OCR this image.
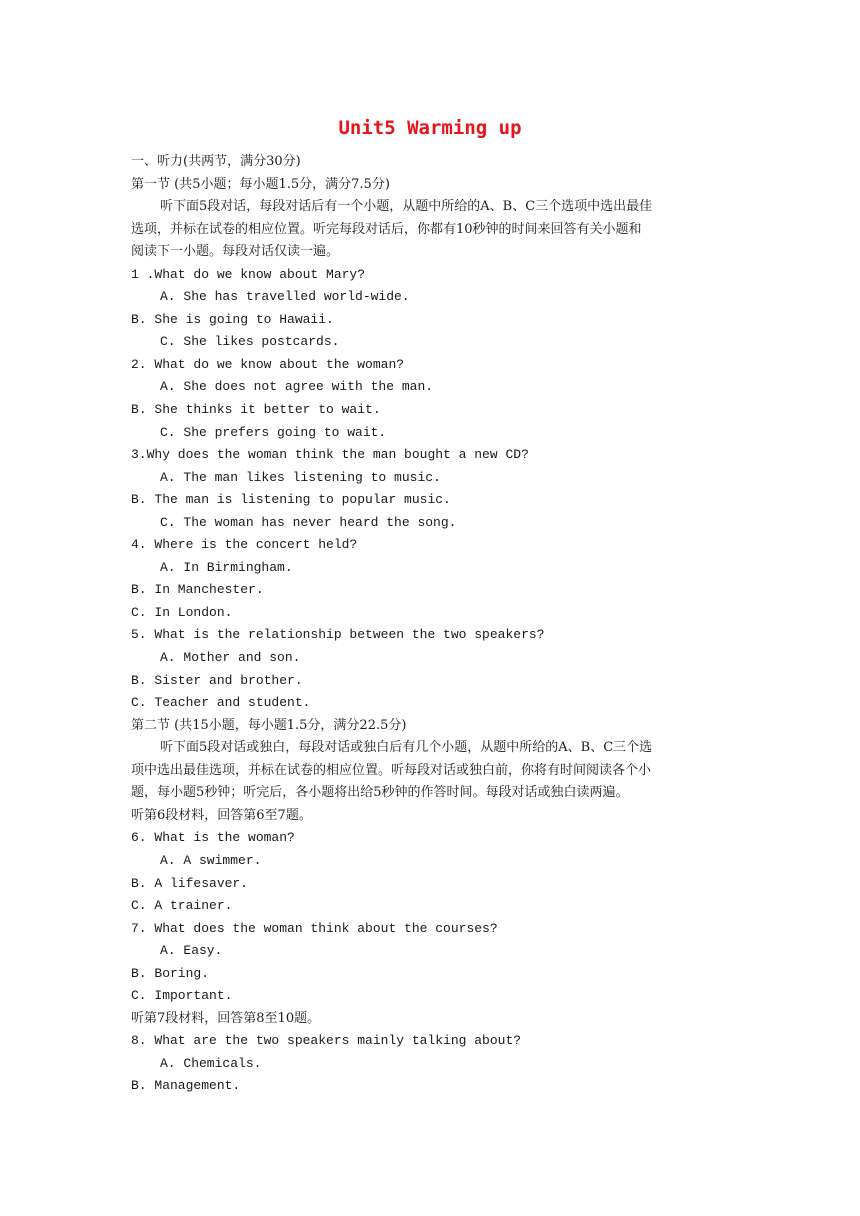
Unit5 Warming up
一、听力(共两节，满分30分)
第一节 (共5小题；每小题1.5分，满分7.5分)
听下面5段对话，每段对话后有一个小题，从题中所给的A、B、C三个选项中选出最佳
选项，并标在试卷的相应位置。听完每段对话后，你都有10秒钟的时间来回答有关小题和
阅读下一小题。每段对话仅读一遍。
1 .What do we know about Mary?
A. She has travelled world-wide.
B. She is going to Hawaii.
C. She likes postcards.
2. What do we know about the woman?
A. She does not agree with the man.
B. She thinks it better to wait.
C. She prefers going to wait.
3.Why does the woman think the man bought a new CD?
A. The man likes listening to music.
B. The man is listening to popular music.
C. The woman has never heard the song.
4. Where is the concert held?
A. In Birmingham.
B. In Manchester.
C. In London.
5. What is the relationship between the two speakers?
A. Mother and son.
B. Sister and brother.
C. Teacher and student.
第二节 (共15小题，每小题1.5分，满分22.5分)
听下面5段对话或独白，每段对话或独白后有几个小题，从题中所给的A、B、C三个选
项中选出最佳选项，并标在试卷的相应位置。听每段对话或独白前，你将有时间阅读各个小
题，每小题5秒钟；听完后，各小题将出给5秒钟的作答时间。每段对话或独白读两遍。
听第6段材料，回答第6至7题。
6. What is the woman?
A. A swimmer.
B. A lifesaver.
C. A trainer.
7. What does the woman think about the courses?
A. Easy.
B. Boring.
C. Important.
听第7段材料，回答第8至10题。
8. What are the two speakers mainly talking about?
A. Chemicals.
B. Management.
